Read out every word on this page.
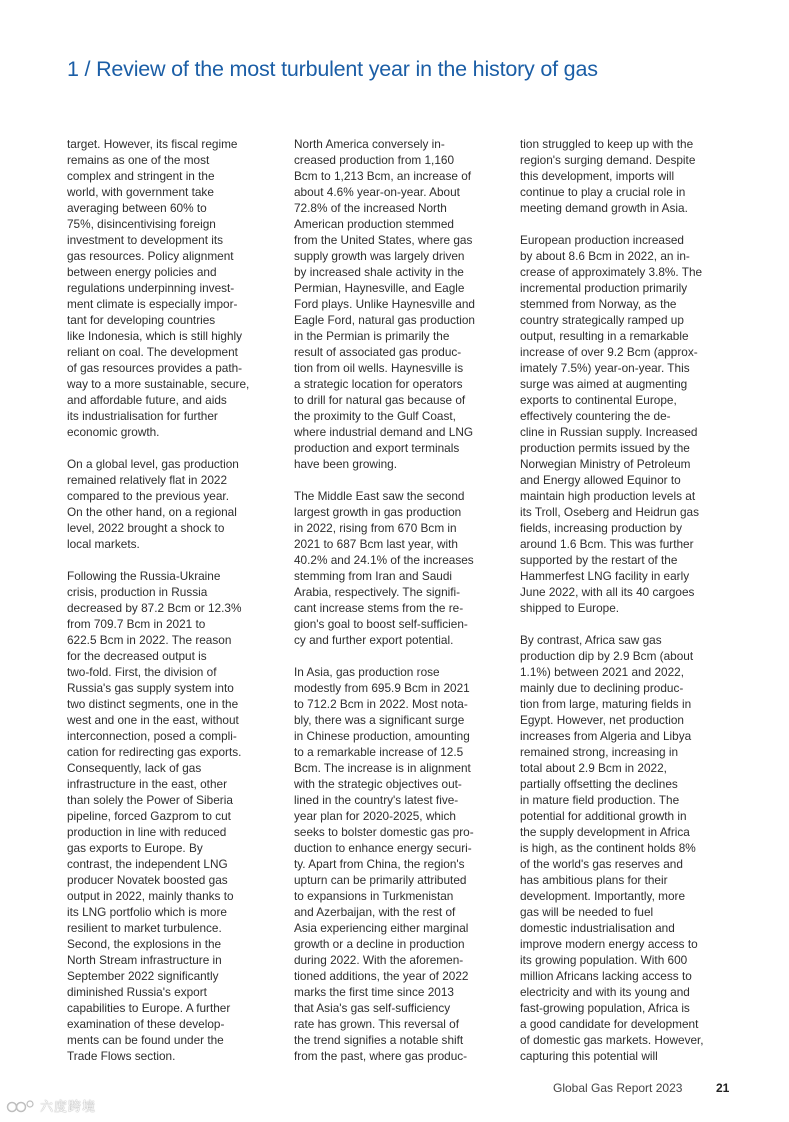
1 / Review of the most turbulent year in the history of gas

target. However, its fiscal regime
remains as one of the most
complex and stringent in the
world, with government take
averaging between 60% to
75%, disincentivising foreign
investment to development its
gas resources. Policy alignment
between energy policies and
regulations underpinning invest-
ment climate is especially impor-
tant for developing countries
like Indonesia, which is still highly
reliant on coal. The development
of gas resources provides a path-
way to a more sustainable, secure,
and affordable future, and aids
its industrialisation for further
economic growth.

On a global level, gas production
remained relatively flat in 2022
compared to the previous year.
On the other hand, on a regional
level, 2022 brought a shock to
local markets.

Following the Russia-Ukraine
crisis, production in Russia
decreased by 87.2 Bcm or 12.3%
from 709.7 Bcm in 2021 to
622.5 Bcm in 2022. The reason
for the decreased output is
two-fold. First, the division of
Russia's gas supply system into
two distinct segments, one in the
west and one in the east, without
interconnection, posed a compli-
cation for redirecting gas exports.
Consequently, lack of gas
infrastructure in the east, other
than solely the Power of Siberia
pipeline, forced Gazprom to cut
production in line with reduced
gas exports to Europe. By
contrast, the independent LNG
producer Novatek boosted gas
output in 2022, mainly thanks to
its LNG portfolio which is more
resilient to market turbulence.
Second, the explosions in the
North Stream infrastructure in
September 2022 significantly
diminished Russia's export
capabilities to Europe. A further
examination of these develop-
ments can be found under the
Trade Flows section.

North America conversely in-
creased production from 1,160
Bcm to 1,213 Bcm, an increase of
about 4.6% year-on-year. About
72.8% of the increased North
American production stemmed
from the United States, where gas
supply growth was largely driven
by increased shale activity in the
Permian, Haynesville, and Eagle
Ford plays. Unlike Haynesville and
Eagle Ford, natural gas production
in the Permian is primarily the
result of associated gas produc-
tion from oil wells. Haynesville is
a strategic location for operators
to drill for natural gas because of
the proximity to the Gulf Coast,
where industrial demand and LNG
production and export terminals
have been growing.

The Middle East saw the second
largest growth in gas production
in 2022, rising from 670 Bcm in
2021 to 687 Bcm last year, with
40.2% and 24.1% of the increases
stemming from Iran and Saudi
Arabia, respectively. The signifi-
cant increase stems from the re-
gion's goal to boost self-sufficien-
cy and further export potential.

In Asia, gas production rose
modestly from 695.9 Bcm in 2021
to 712.2 Bcm in 2022. Most nota-
bly, there was a significant surge
in Chinese production, amounting
to a remarkable increase of 12.5
Bcm. The increase is in alignment
with the strategic objectives out-
lined in the country's latest five-
year plan for 2020-2025, which
seeks to bolster domestic gas pro-
duction to enhance energy securi-
ty. Apart from China, the region's
upturn can be primarily attributed
to expansions in Turkmenistan
and Azerbaijan, with the rest of
Asia experiencing either marginal
growth or a decline in production
during 2022. With the aforemen-
tioned additions, the year of 2022
marks the first time since 2013
that Asia's gas self-sufficiency
rate has grown. This reversal of
the trend signifies a notable shift
from the past, where gas produc-

tion struggled to keep up with the
region's surging demand. Despite
this development, imports will
continue to play a crucial role in
meeting demand growth in Asia.

European production increased
by about 8.6 Bcm in 2022, an in-
crease of approximately 3.8%. The
incremental production primarily
stemmed from Norway, as the
country strategically ramped up
output, resulting in a remarkable
increase of over 9.2 Bcm (approx-
imately 7.5%) year-on-year. This
surge was aimed at augmenting
exports to continental Europe,
effectively countering the de-
cline in Russian supply. Increased
production permits issued by the
Norwegian Ministry of Petroleum
and Energy allowed Equinor to
maintain high production levels at
its Troll, Oseberg and Heidrun gas
fields, increasing production by
around 1.6 Bcm. This was further
supported by the restart of the
Hammerfest LNG facility in early
June 2022, with all its 40 cargoes
shipped to Europe.

By contrast, Africa saw gas
production dip by 2.9 Bcm (about
1.1%) between 2021 and 2022,
mainly due to declining produc-
tion from large, maturing fields in
Egypt. However, net production
increases from Algeria and Libya
remained strong, increasing in
total about 2.9 Bcm in 2022,
partially offsetting the declines
in mature field production. The
potential for additional growth in
the supply development in Africa
is high, as the continent holds 8%
of the world's gas reserves and
has ambitious plans for their
development. Importantly, more
gas will be needed to fuel
domestic industrialisation and
improve modern energy access to
its growing population. With 600
million Africans lacking access to
electricity and with its young and
fast-growing population, Africa is
a good candidate for development
of domestic gas markets. However,
capturing this potential will

Global Gas Report 2023	21
六度跨境
